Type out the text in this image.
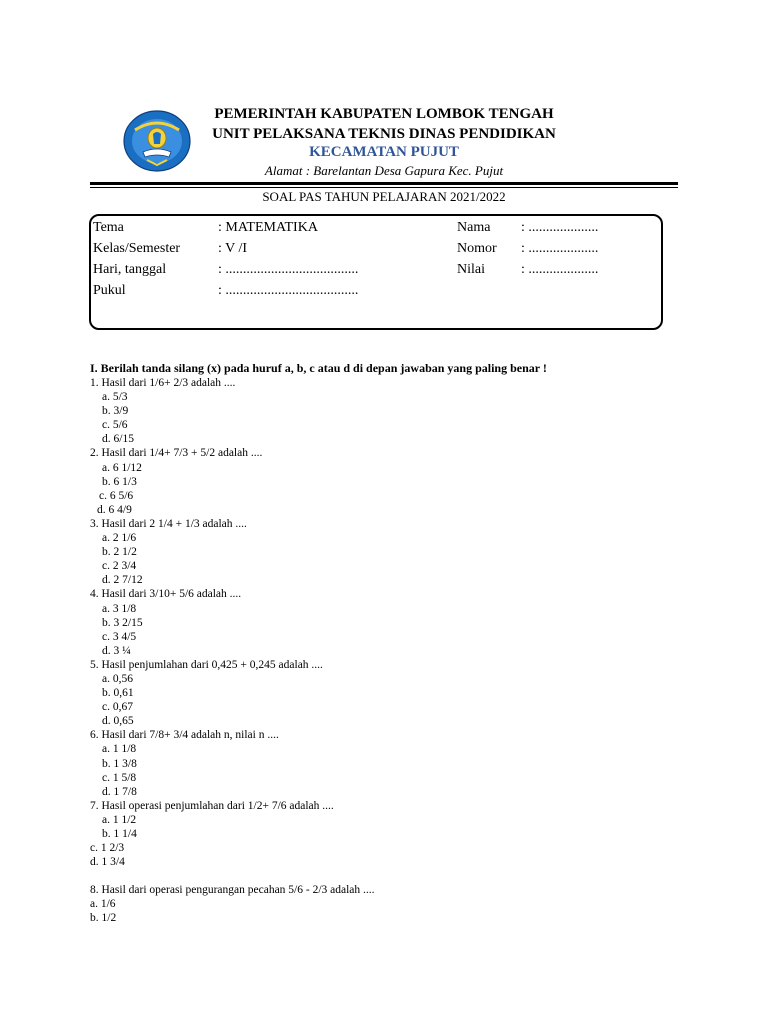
PEMERINTAH KABUPATEN LOMBOK TENGAH
UNIT PELAKSANA TEKNIS DINAS PENDIDIKAN
KECAMATAN PUJUT
Alamat : Barelantan Desa Gapura Kec. Pujut
SOAL PAS TAHUN PELAJARAN 2021/2022
Tema	: MATEMATIKA	Nama : ....................
Kelas/Semester	: V /I	Nomor : ....................
Hari, tanggal	: ......................................	Nilai	: ....................
Pukul	: ......................................
I. Berilah tanda silang (x) pada huruf a, b, c atau d di depan jawaban yang paling benar !
1. Hasil dari 1/6+ 2/3 adalah ....
a. 5/3
b. 3/9
c. 5/6
d. 6/15
2. Hasil dari 1/4+ 7/3 + 5/2 adalah ....
a. 6 1/12
b. 6 1/3
c. 6 5/6
d. 6 4/9
3. Hasil dari 2 1/4 + 1/3 adalah ....
a. 2 1/6
b. 2 1/2
c. 2 3/4
d. 2 7/12
4. Hasil dari 3/10+ 5/6 adalah ....
a. 3 1/8
b. 3 2/15
c. 3 4/5
d. 3 ¼
5. Hasil penjumlahan dari 0,425 + 0,245 adalah ....
a. 0,56
b. 0,61
c. 0,67
d. 0,65
6. Hasil dari 7/8+ 3/4 adalah n, nilai n ....
a. 1 1/8
b. 1 3/8
c. 1 5/8
d. 1 7/8
7. Hasil operasi penjumlahan dari 1/2+ 7/6 adalah ....
a. 1 1/2
b. 1 1/4
c. 1 2/3
d. 1 3/4
8. Hasil dari operasi pengurangan pecahan 5/6 - 2/3 adalah ....
a. 1/6
b. 1/2
